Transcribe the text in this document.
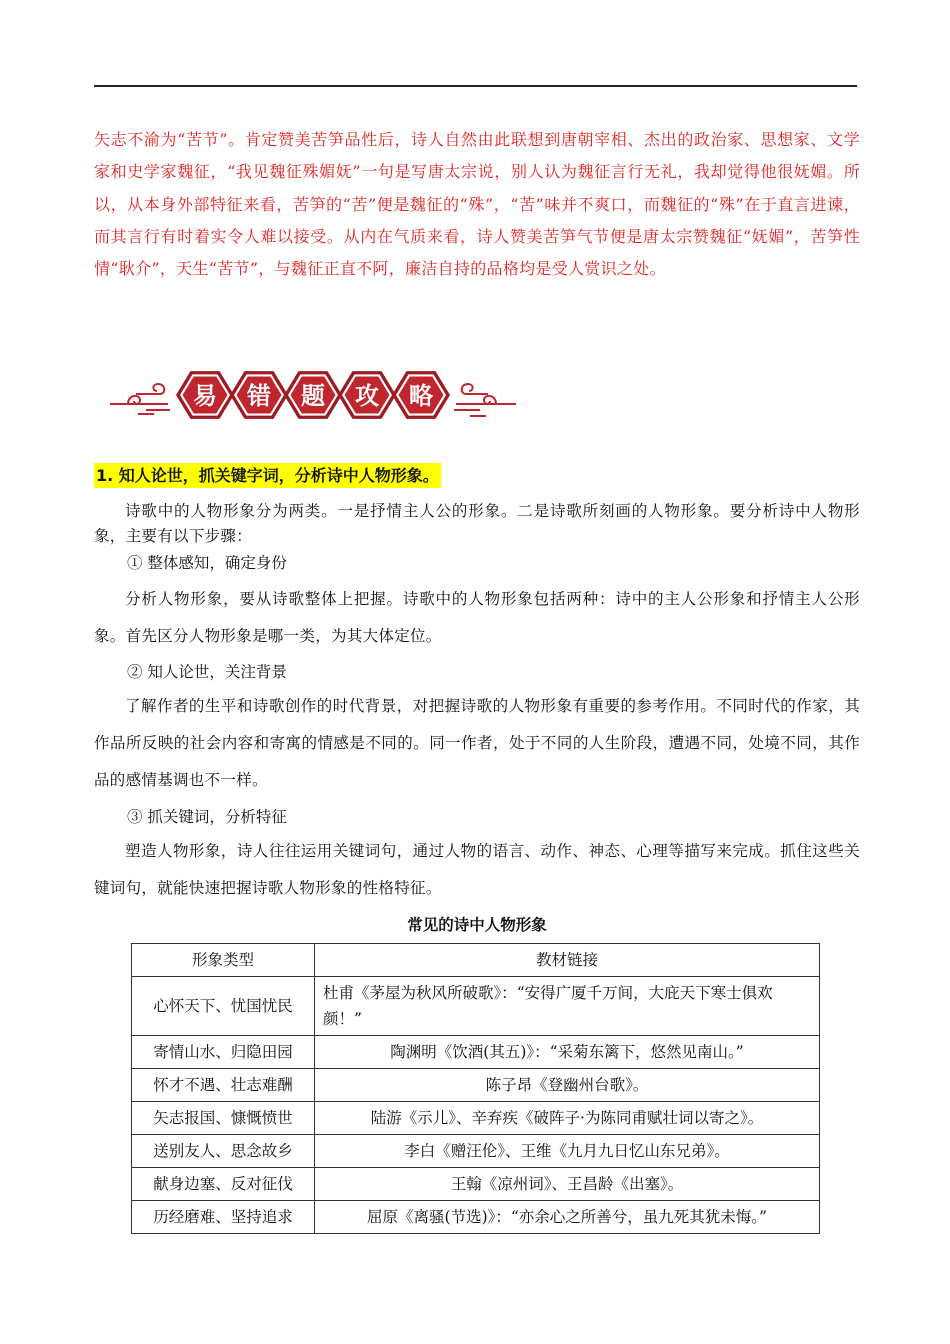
矢志不渝为“苦节”。肯定赞美苦笋品性后，诗人自然由此联想到唐朝宰相、杰出的政治家、思想家、文学家和史学家魏征，“我见魏征殊媚妩”一句是写唐太宗说，别人认为魏征言行无礼，我却觉得他很妩媚。所以，从本身外部特征来看，苦笋的“苦”便是魏征的“殊”，“苦”味并不爽口，而魏征的“殊”在于直言进谏，而其言行有时着实令人难以接受。从内在气质来看，诗人赞美苦笋气节便是唐太宗赞魏征“妩媚”，苦笋性情“耿介”，天生“苦节”，与魏征正直不阿，廉洁自持的品格均是受人赏识之处。

易 错 题 攻 略
1. 知人论世，抓关键字词，分析诗中人物形象。

诗歌中的人物形象分为两类。一是抒情主人公的形象。二是诗歌所刻画的人物形象。要分析诗中人物形象，主要有以下步骤：

① 整体感知，确定身份

分析人物形象，要从诗歌整体上把握。诗歌中的人物形象包括两种：诗中的主人公形象和抒情主人公形象。首先区分人物形象是哪一类，为其大体定位。

② 知人论世，关注背景

了解作者的生平和诗歌创作的时代背景，对把握诗歌的人物形象有重要的参考作用。不同时代的作家，其作品所反映的社会内容和寄寓的情感是不同的。同一作者，处于不同的人生阶段，遭遇不同，处境不同，其作品的感情基调也不一样。

③ 抓关键词，分析特征

塑造人物形象，诗人往往运用关键词句，通过人物的语言、动作、神态、心理等描写来完成。抓住这些关键词句，就能快速把握诗歌人物形象的性格特征。

常见的诗中人物形象
形象类型	教材链接
心怀天下、忧国忧民	杜甫《茅屋为秋风所破歌》：“安得广厦千万间，大庇天下寒士俱欢颜！”
寄情山水、归隐田园	陶渊明《饮酒(其五)》：“采菊东篱下，悠然见南山。”
怀才不遇、壮志难酬	陈子昂《登幽州台歌》。
矢志报国、慷慨愤世	陆游《示儿》、辛弃疾《破阵子·为陈同甫赋壮词以寄之》。
送别友人、思念故乡	李白《赠汪伦》、王维《九月九日忆山东兄弟》。
献身边塞、反对征伐	王翰《凉州词》、王昌龄《出塞》。
历经磨难、坚持追求	屈原《离骚(节选)》：“亦余心之所善兮，虽九死其犹未悔。”
